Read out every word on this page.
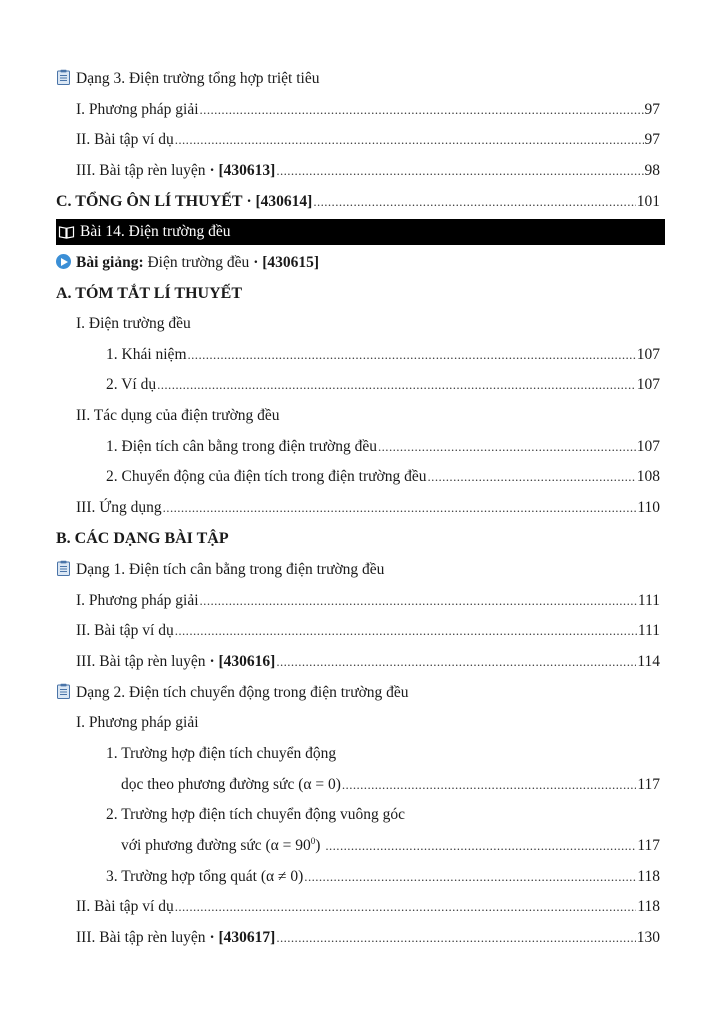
Dạng 3. Điện trường tổng hợp triệt tiêu
I. Phương pháp giải .....	97
II. Bài tập ví dụ .....	97
III. Bài tập rèn luyện · [430613] .....	98
C. TỔNG ÔN LÍ THUYẾT · [430614] .....	101
Bài 14. Điện trường đều
Bài giảng: Điện trường đều · [430615]
A. TÓM TẮT LÍ THUYẾT
I. Điện trường đều
1. Khái niệm .....	107
2. Ví dụ .....	107
II. Tác dụng của điện trường đều
1. Điện tích cân bằng trong điện trường đều .....	107
2. Chuyển động của điện tích trong điện trường đều .....	108
III. Ứng dụng .....	110
B. CÁC DẠNG BÀI TẬP
Dạng 1. Điện tích cân bằng trong điện trường đều
I. Phương pháp giải .....	111
II. Bài tập ví dụ .....	111
III. Bài tập rèn luyện · [430616] .....	114
Dạng 2. Điện tích chuyển động trong điện trường đều
I. Phương pháp giải
1. Trường hợp điện tích chuyển động
dọc theo phương đường sức (α = 0) .....	117
2. Trường hợp điện tích chuyển động vuông góc
với phương đường sức $(\alpha = 90^0)$ .....	117
3. Trường hợp tổng quát (α ≠ 0) .....	118
II. Bài tập ví dụ .....	118
III. Bài tập rèn luyện · [430617] .....	130
